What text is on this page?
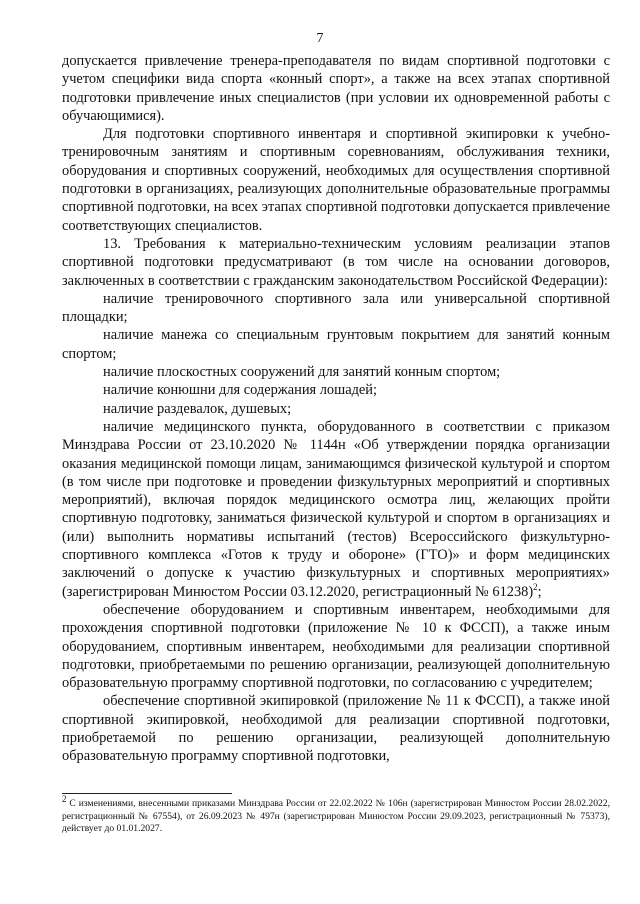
7

допускается привлечение тренера-преподавателя по видам спортивной подготовки с учетом специфики вида спорта «конный спорт», а также на всех этапах спортивной подготовки привлечение иных специалистов (при условии их одновременной работы с обучающимися).

Для подготовки спортивного инвентаря и спортивной экипировки к учебно-тренировочным занятиям и спортивным соревнованиям, обслуживания техники, оборудования и спортивных сооружений, необходимых для осуществления спортивной подготовки в организациях, реализующих дополнительные образовательные программы спортивной подготовки, на всех этапах спортивной подготовки допускается привлечение соответствующих специалистов.

13. Требования к материально-техническим условиям реализации этапов спортивной подготовки предусматривают (в том числе на основании договоров, заключенных в соответствии с гражданским законодательством Российской Федерации):

наличие тренировочного спортивного зала или универсальной спортивной площадки;

наличие манежа со специальным грунтовым покрытием для занятий конным спортом;

наличие плоскостных сооружений для занятий конным спортом;

наличие конюшни для содержания лошадей;

наличие раздевалок, душевых;

наличие медицинского пункта, оборудованного в соответствии с приказом Минздрава России от 23.10.2020 № 1144н «Об утверждении порядка организации оказания медицинской помощи лицам, занимающимся физической культурой и спортом (в том числе при подготовке и проведении физкультурных мероприятий и спортивных мероприятий), включая порядок медицинского осмотра лиц, желающих пройти спортивную подготовку, заниматься физической культурой и спортом в организациях и (или) выполнить нормативы испытаний (тестов) Всероссийского физкультурно-спортивного комплекса «Готов к труду и обороне» (ГТО)» и форм медицинских заключений о допуске к участию физкультурных и спортивных мероприятиях» (зарегистрирован Минюстом России 03.12.2020, регистрационный № 61238)$^2$;

обеспечение оборудованием и спортивным инвентарем, необходимыми для прохождения спортивной подготовки (приложение № 10 к ФССП), а также иным оборудованием, спортивным инвентарем, необходимыми для реализации спортивной подготовки, приобретаемыми по решению организации, реализующей дополнительную образовательную программу спортивной подготовки, по согласованию с учредителем;

обеспечение спортивной экипировкой (приложение № 11 к ФССП), а также иной спортивной экипировкой, необходимой для реализации спортивной подготовки, приобретаемой по решению организации, реализующей дополнительную образовательную программу спортивной подготовки,

$^2$ С изменениями, внесенными приказами Минздрава России от 22.02.2022 № 106н (зарегистрирован Минюстом России 28.02.2022, регистрационный № 67554), от 26.09.2023 № 497н (зарегистрирован Минюстом России 29.09.2023, регистрационный № 75373), действует до 01.01.2027.
